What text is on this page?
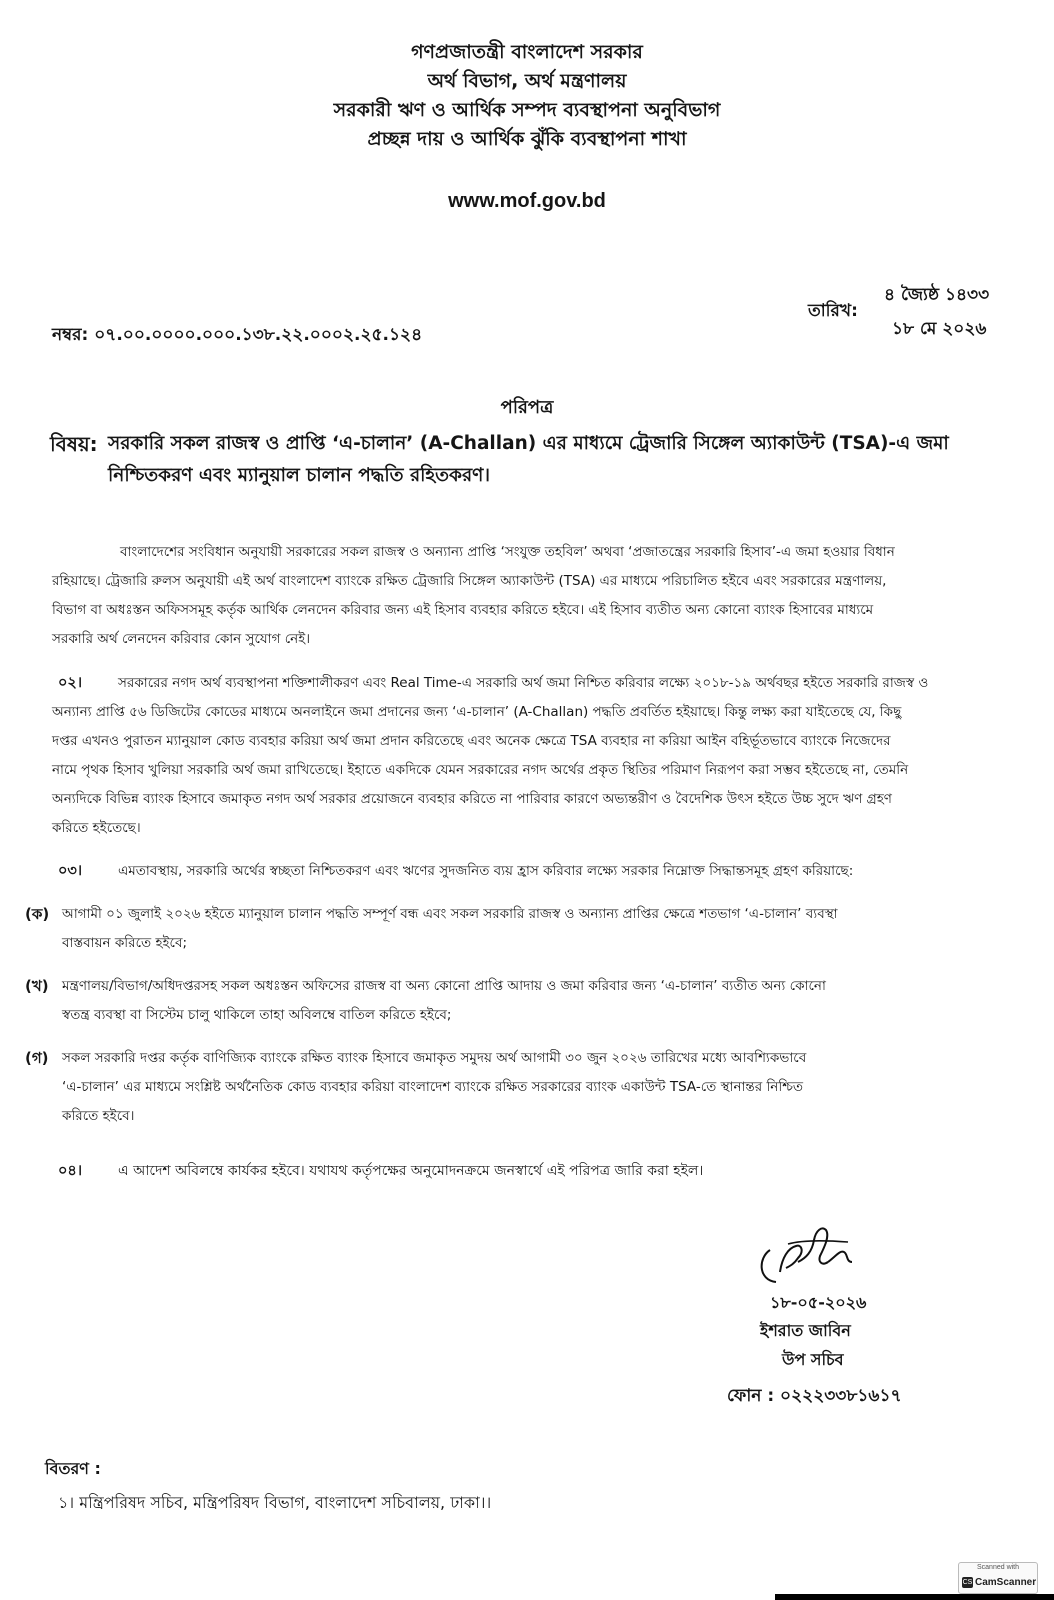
গণপ্রজাতন্ত্রী বাংলাদেশ সরকার
অর্থ বিভাগ, অর্থ মন্ত্রণালয়
সরকারী ঋণ ও আর্থিক সম্পদ ব্যবস্থাপনা অনুবিভাগ
প্রচ্ছন্ন দায় ও আর্থিক ঝুঁকি ব্যবস্থাপনা শাখা
www.mof.gov.bd
তারিখ:
৪ জ্যৈষ্ঠ ১৪৩৩
১৮ মে ২০২৬
নম্বর: ০৭.০০.০০০০.০০০.১৩৮.২২.০০০২.২৫.১২৪
পরিপত্র
বিষয়: সরকারি সকল রাজস্ব ও প্রাপ্তি ‘এ-চালান’ (A-Challan) এর মাধ্যমে ট্রেজারি সিঙ্গেল অ্যাকাউন্ট (TSA)-এ জমা
নিশ্চিতকরণ এবং ম্যানুয়াল চালান পদ্ধতি রহিতকরণ।
বাংলাদেশের সংবিধান অনুযায়ী সরকারের সকল রাজস্ব ও অন্যান্য প্রাপ্তি ‘সংযুক্ত তহবিল’ অথবা ‘প্রজাতন্ত্রের সরকারি হিসাব’-এ জমা হওয়ার বিধান
রহিয়াছে। ট্রেজারি রুলস অনুযায়ী এই অর্থ বাংলাদেশ ব্যাংকে রক্ষিত ট্রেজারি সিঙ্গেল অ্যাকাউন্ট (TSA) এর মাধ্যমে পরিচালিত হইবে এবং সরকারের মন্ত্রণালয়,
বিভাগ বা অধঃস্তন অফিসসমূহ কর্তৃক আর্থিক লেনদেন করিবার জন্য এই হিসাব ব্যবহার করিতে হইবে। এই হিসাব ব্যতীত অন্য কোনো ব্যাংক হিসাবের মাধ্যমে
সরকারি অর্থ লেনদেন করিবার কোন সুযোগ নেই।
০২।	সরকারের নগদ অর্থ ব্যবস্থাপনা শক্তিশালীকরণ এবং Real Time-এ সরকারি অর্থ জমা নিশ্চিত করিবার লক্ষ্যে ২০১৮-১৯ অর্থবছর হইতে সরকারি রাজস্ব ও
অন্যান্য প্রাপ্তি ৫৬ ডিজিটের কোডের মাধ্যমে অনলাইনে জমা প্রদানের জন্য ‘এ-চালান’ (A-Challan) পদ্ধতি প্রবর্তিত হইয়াছে। কিন্তু লক্ষ্য করা যাইতেছে যে, কিছু
দপ্তর এখনও পুরাতন ম্যানুয়াল কোড ব্যবহার করিয়া অর্থ জমা প্রদান করিতেছে এবং অনেক ক্ষেত্রে TSA ব্যবহার না করিয়া আইন বহির্ভূতভাবে ব্যাংকে নিজেদের
নামে পৃথক হিসাব খুলিয়া সরকারি অর্থ জমা রাখিতেছে। ইহাতে একদিকে যেমন সরকারের নগদ অর্থের প্রকৃত স্থিতির পরিমাণ নিরূপণ করা সম্ভব হইতেছে না, তেমনি
অন্যদিকে বিভিন্ন ব্যাংক হিসাবে জমাকৃত নগদ অর্থ সরকার প্রয়োজনে ব্যবহার করিতে না পারিবার কারণে অভ্যন্তরীণ ও বৈদেশিক উৎস হইতে উচ্চ সুদে ঋণ গ্রহণ
করিতে হইতেছে।
০৩।	এমতাবস্থায়, সরকারি অর্থের স্বচ্ছতা নিশ্চিতকরণ এবং ঋণের সুদজনিত ব্যয় হ্রাস করিবার লক্ষ্যে সরকার নিম্নোক্ত সিদ্ধান্তসমূহ গ্রহণ করিয়াছে:
(ক) আগামী ০১ জুলাই ২০২৬ হইতে ম্যানুয়াল চালান পদ্ধতি সম্পূর্ণ বন্ধ এবং সকল সরকারি রাজস্ব ও অন্যান্য প্রাপ্তির ক্ষেত্রে শতভাগ ‘এ-চালান’ ব্যবস্থা
বাস্তবায়ন করিতে হইবে;
(খ) মন্ত্রণালয়/বিভাগ/অধিদপ্তরসহ সকল অধঃস্তন অফিসের রাজস্ব বা অন্য কোনো প্রাপ্তি আদায় ও জমা করিবার জন্য ‘এ-চালান’ ব্যতীত অন্য কোনো
স্বতন্ত্র ব্যবস্থা বা সিস্টেম চালু থাকিলে তাহা অবিলম্বে বাতিল করিতে হইবে;
(গ) সকল সরকারি দপ্তর কর্তৃক বাণিজ্যিক ব্যাংকে রক্ষিত ব্যাংক হিসাবে জমাকৃত সমুদয় অর্থ আগামী ৩০ জুন ২০২৬ তারিখের মধ্যে আবশ্যিকভাবে
‘এ-চালান’ এর মাধ্যমে সংশ্লিষ্ট অর্থনৈতিক কোড ব্যবহার করিয়া বাংলাদেশ ব্যাংকে রক্ষিত সরকারের ব্যাংক একাউন্ট TSA-তে স্থানান্তর নিশ্চিত
করিতে হইবে।
০৪।	এ আদেশ অবিলম্বে কার্যকর হইবে। যথাযথ কর্তৃপক্ষের অনুমোদনক্রমে জনস্বার্থে এই পরিপত্র জারি করা হইল।
১৮-০৫-২০২৬
ইশরাত জাবিন
উপ সচিব
ফোন : ০২২২৩৩৮১৬১৭
বিতরণ :
১। মন্ত্রিপরিষদ সচিব, মন্ত্রিপরিষদ বিভাগ, বাংলাদেশ সচিবালয়, ঢাকা।।
Scanned with
CS CamScanner
